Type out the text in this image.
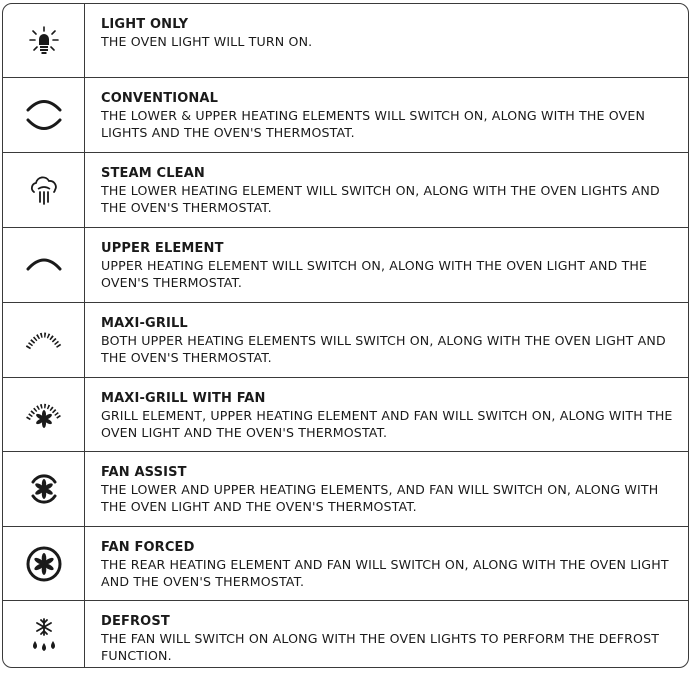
LIGHT ONLY
THE OVEN LIGHT WILL TURN ON.
CONVENTIONAL
THE LOWER & UPPER HEATING ELEMENTS WILL SWITCH ON, ALONG WITH THE OVEN LIGHTS AND THE OVEN'S THERMOSTAT.
STEAM CLEAN
THE LOWER HEATING ELEMENT WILL SWITCH ON, ALONG WITH THE OVEN LIGHTS AND THE OVEN'S THERMOSTAT.
UPPER ELEMENT
UPPER HEATING ELEMENT WILL SWITCH ON, ALONG WITH THE OVEN LIGHT AND THE OVEN'S THERMOSTAT.
MAXI-GRILL
BOTH UPPER HEATING ELEMENTS WILL SWITCH ON, ALONG WITH THE OVEN LIGHT AND THE OVEN'S THERMOSTAT.
MAXI-GRILL WITH FAN
GRILL ELEMENT, UPPER HEATING ELEMENT AND FAN WILL SWITCH ON, ALONG WITH THE OVEN LIGHT AND THE OVEN'S THERMOSTAT.
FAN ASSIST
THE LOWER AND UPPER HEATING ELEMENTS, AND FAN WILL SWITCH ON, ALONG WITH THE OVEN LIGHT AND THE OVEN'S THERMOSTAT.
FAN FORCED
THE REAR HEATING ELEMENT AND FAN WILL SWITCH ON, ALONG WITH THE OVEN LIGHT AND THE OVEN'S THERMOSTAT.
DEFROST
THE FAN WILL SWITCH ON ALONG WITH THE OVEN LIGHTS TO PERFORM THE DEFROST FUNCTION.
